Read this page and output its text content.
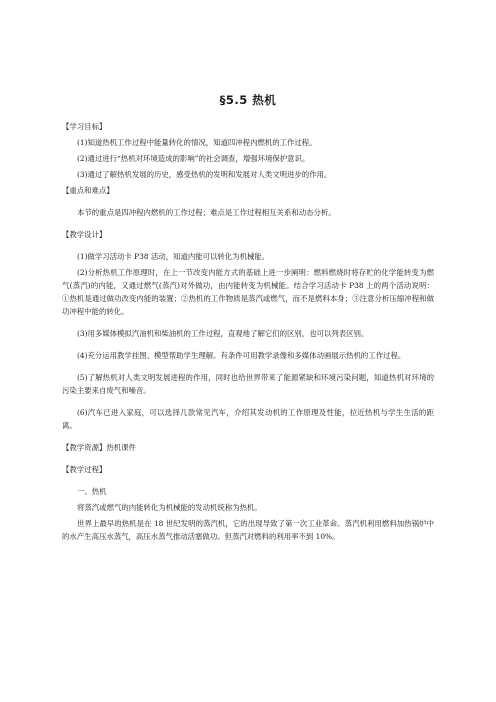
§5.5 热机

【学习目标】

(1)知道热机工作过程中能量转化的情况，知道四冲程内燃机的工作过程。

(2)通过进行“热机对环境造成的影响”的社会调查，增强环境保护意识。

(3)通过了解热机发展的历史，感受热机的发明和发展对人类文明进步的作用。

【重点和难点】

本节的重点是四冲程内燃机的工作过程；难点是工作过程相互关系和动态分析。

【教学设计】

(1)做学习活动卡 P38 活动，知道内能可以转化为机械能。

(2)分析热机工作原理时，在上一节改变内能方式的基础上进一步阐明：燃料燃烧时将存贮的化学能转变为燃气(蒸汽)的内能，又通过燃气(蒸汽)对外做功，由内能转变为机械能。结合学习活动卡 P38 上的两个活动说明： ①热机是通过做功改变内能的装置；②热机的工作物质是蒸汽或燃气，而不是燃料本身；③注意分析压缩冲程和做功冲程中能的转化。

(3)用多媒体模拟汽油机和柴油机的工作过程，直观地了解它们的区别，也可以列表区别。

(4)充分运用教学挂图、模型帮助学生理解。有条件可用教学录像和多媒体动画展示热机的工作过程。

(5)了解热机对人类文明发展进程的作用，同时也给世界带来了能源紧缺和环境污染问题，知道热机对环境的污染主要来自废气和噪音。

(6)汽车已进入家庭，可以选择几款常见汽车，介绍其发动机的工作原理及性能，拉近热机与学生生活的距离。

【教学资源】热机课件

【教学过程】

一、热机

将蒸汽或燃气的内能转化为机械能的发动机统称为热机。

世界上最早的热机是在 18 世纪发明的蒸汽机，它的出现导致了第一次工业革命。蒸汽机利用燃料加热锅炉中的水产生高压水蒸气，高压水蒸气推动活塞做功。但蒸汽对燃料的利用率不到 10%。
